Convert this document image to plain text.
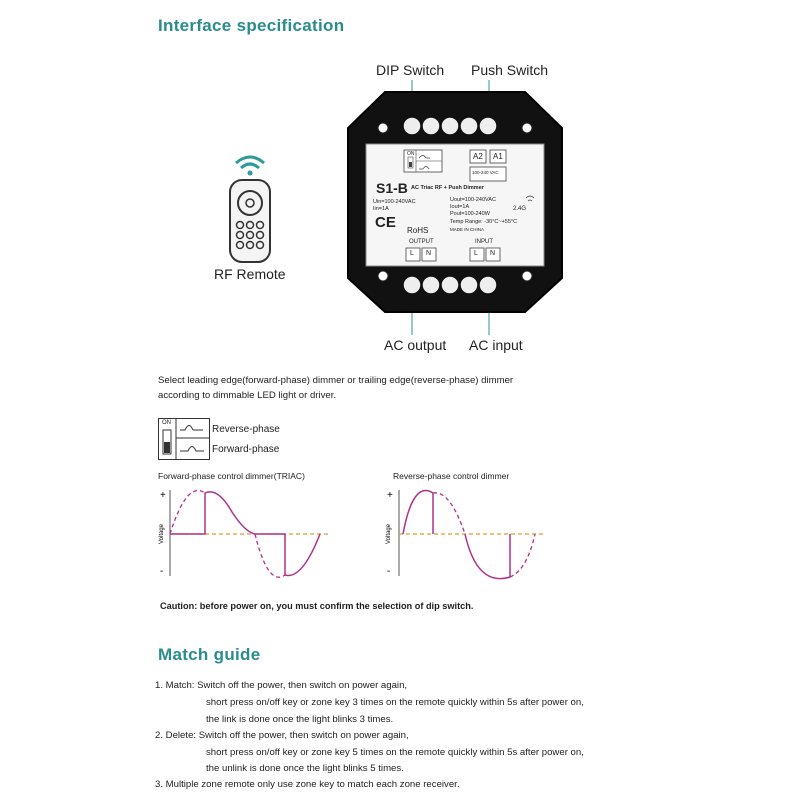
Interface specification
DIP Switch Push Switch
RF Remote
ON	A2 A1
100-240 VAC
S1-B AC Triac RF + Push Dimmer
Uin=100-240VAC
Iin=1A
Uout=100-240VAC
Iout=1A
Pout=100-240W
Temp Range: -30°C~+55°C
MADE IN CHINA
2.4G
CE RoHS
OUTPUT	INPUT
L N	L N
AC output AC input
Select leading edge(forward-phase) dimmer or trailing edge(reverse-phase) dimmer
according to dimmable LED light or driver.
ON
Reverse-phase
Forward-phase
Forward-phase control dimmer(TRIAC)	Reverse-phase control dimmer
+
-
Voltage
+
-
Voltage
Caution: before power on, you must confirm the selection of dip switch.
Match guide
1. Match: Switch off the power, then switch on power again,
short press on/off key or zone key 3 times on the remote quickly within 5s after power on,
the link is done once the light blinks 3 times.
2. Delete: Switch off the power, then switch on power again,
short press on/off key or zone key 5 times on the remote quickly within 5s after power on,
the unlink is done once the light blinks 5 times.
3. Multiple zone remote only use zone key to match each zone receiver.
